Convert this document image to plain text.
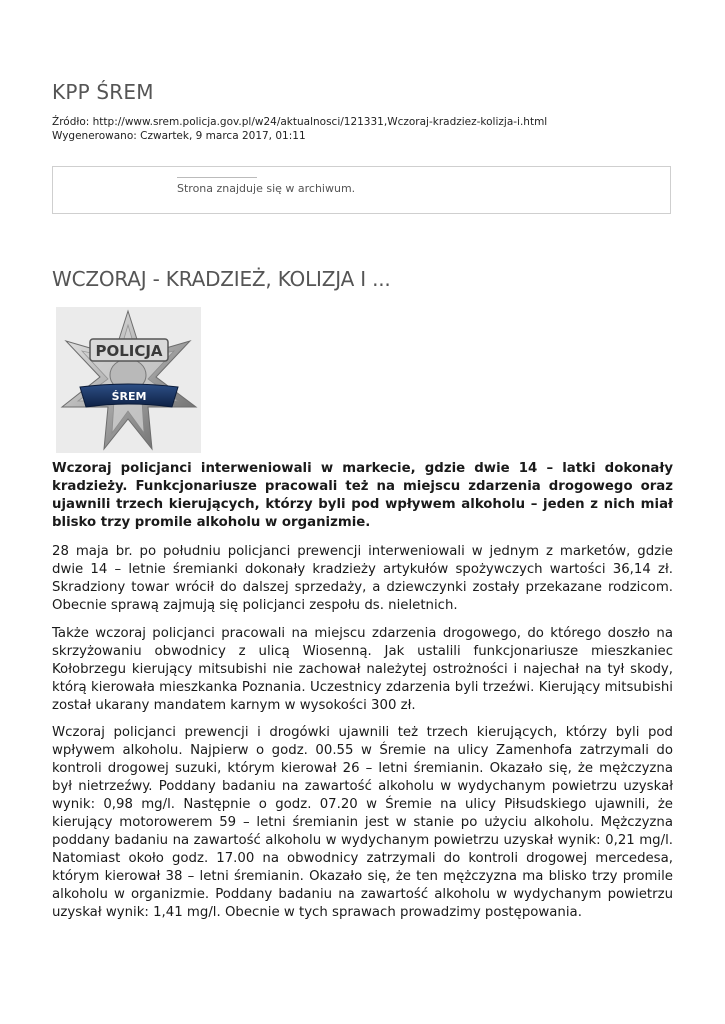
KPP ŚREM
Źródło: http://www.srem.policja.gov.pl/w24/aktualnosci/121331,Wczoraj-kradziez-kolizja-i.html
Wygenerowano: Czwartek, 9 marca 2017, 01:11
Strona znajduje się w archiwum.
WCZORAJ - KRADZIEŻ, KOLIZJA I ...
POLICJA
ŚREM
Wczoraj policjanci interweniowali w markecie, gdzie dwie 14 – latki dokonały kradzieży. Funkcjonariusze pracowali też na miejscu zdarzenia drogowego oraz ujawnili trzech kierujących, którzy byli pod wpływem alkoholu – jeden z nich miał blisko trzy promile alkoholu w organizmie.

28 maja br. po południu policjanci prewencji interweniowali w jednym z marketów, gdzie dwie 14 – letnie śremianki dokonały kradzieży artykułów spożywczych wartości 36,14 zł. Skradziony towar wrócił do dalszej sprzedaży, a dziewczynki zostały przekazane rodzicom. Obecnie sprawą zajmują się policjanci zespołu ds. nieletnich.

Także wczoraj policjanci pracowali na miejscu zdarzenia drogowego, do którego doszło na skrzyżowaniu obwodnicy z ulicą Wiosenną. Jak ustalili funkcjonariusze mieszkaniec Kołobrzegu kierujący mitsubishi nie zachował należytej ostrożności i najechał na tył skody, którą kierowała mieszkanka Poznania. Uczestnicy zdarzenia byli trzeźwi. Kierujący mitsubishi został ukarany mandatem karnym w wysokości 300 zł.

Wczoraj policjanci prewencji i drogówki ujawnili też trzech kierujących, którzy byli pod wpływem alkoholu. Najpierw o godz. 00.55 w Śremie na ulicy Zamenhofa zatrzymali do kontroli drogowej suzuki, którym kierował 26 – letni śremianin. Okazało się, że mężczyzna był nietrzeźwy. Poddany badaniu na zawartość alkoholu w wydychanym powietrzu uzyskał wynik: 0,98 mg/l. Następnie o godz. 07.20 w Śremie na ulicy Piłsudskiego ujawnili, że kierujący motorowerem 59 – letni śremianin jest w stanie po użyciu alkoholu. Mężczyzna poddany badaniu na zawartość alkoholu w wydychanym powietrzu uzyskał wynik: 0,21 mg/l. Natomiast około godz. 17.00 na obwodnicy zatrzymali do kontroli drogowej mercedesa, którym kierował 38 – letni śremianin. Okazało się, że ten mężczyzna ma blisko trzy promile alkoholu w organizmie. Poddany badaniu na zawartość alkoholu w wydychanym powietrzu uzyskał wynik: 1,41 mg/l. Obecnie w tych sprawach prowadzimy postępowania.
